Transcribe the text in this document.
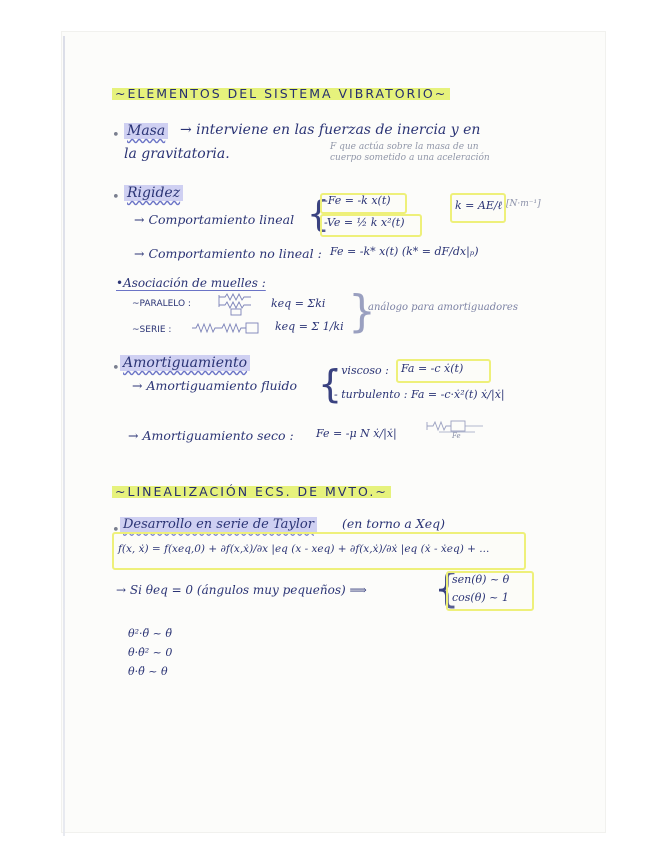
~ELEMENTOS DEL SISTEMA VIBRATORIO~
• Masa → interviene en las fuerzas de inercia y en
la gravitatoria.	F que actúa sobre la masa de un
cuerpo sometido a una aceleración
• Rigidez
→ Comportamiento lineal {
-Fe = -k x(t)
-Ve = ½ k x²(t)
k = AE/ℓ [N·m⁻¹]
→ Comportamiento no lineal : Fe = -k* x(t) (k* = dF/dx|ₚ)
•Asociación de muelles :
~PARALELO :	keq = Σki
~SERIE :	keq = Σ 1/ki }
análogo para amortiguadores
• Amortiguamiento
→ Amortiguamiento fluido {
- viscoso : Fa = -c ẋ(t)
- turbulento : Fa = -c·ẋ²(t) ẋ/|ẋ|
→ Amortiguamiento seco : Fe = -μ N ẋ/|ẋ|	Fe
~LINEALIZACIÓN ECS. DE MVTO.~
• Desarrollo en serie de Taylor (en torno a Xeq)
f(x, ẋ) = f(xeq,0) + ∂f(x,ẋ)/∂x |eq (x - xeq) + ∂f(x,ẋ)/∂ẋ |eq (ẋ - ẋeq) + ...
→ Si θeq = 0 (ángulos muy pequeños) ⟹ {
sen(θ) ~ θ
cos(θ) ~ 1
θ²·θ̈ ~ θ̈
θ·θ̇² ~ 0
θ·θ̈ ~ θ
